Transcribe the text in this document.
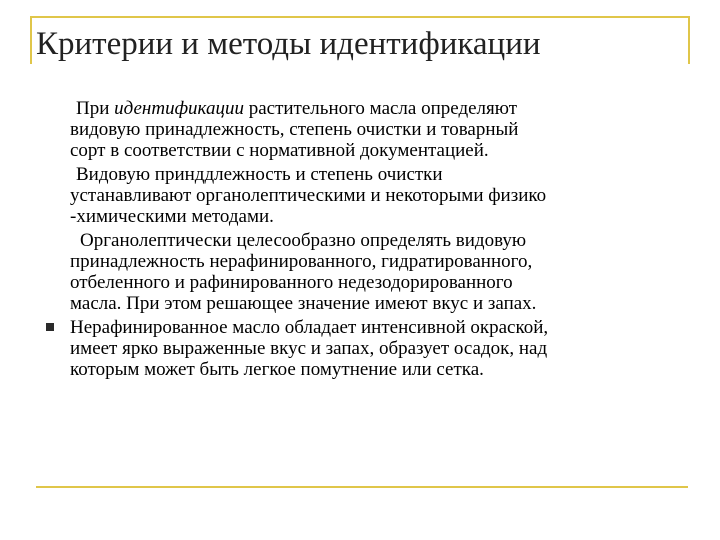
Критерии и методы идентификации
При идентификации растительного масла определяют
видовую принадлежность, степень очистки и товарный
сорт в соответствии с нормативной документацией.
Видовую принддлежность и степень очистки
устанавливают органолептическими и некоторыми физико
-химическими методами.
Органолептически целесообразно определять видовую
принадлежность нерафинированного, гидратированного,
отбеленного и рафинированного недезодорированного
масла. При этом решающее значение имеют вкус и запах.
Нерафинированное масло обладает интенсивной окраской,
имеет ярко выраженные вкус и запах, образует осадок, над
которым может быть легкое помутнение или сетка.
